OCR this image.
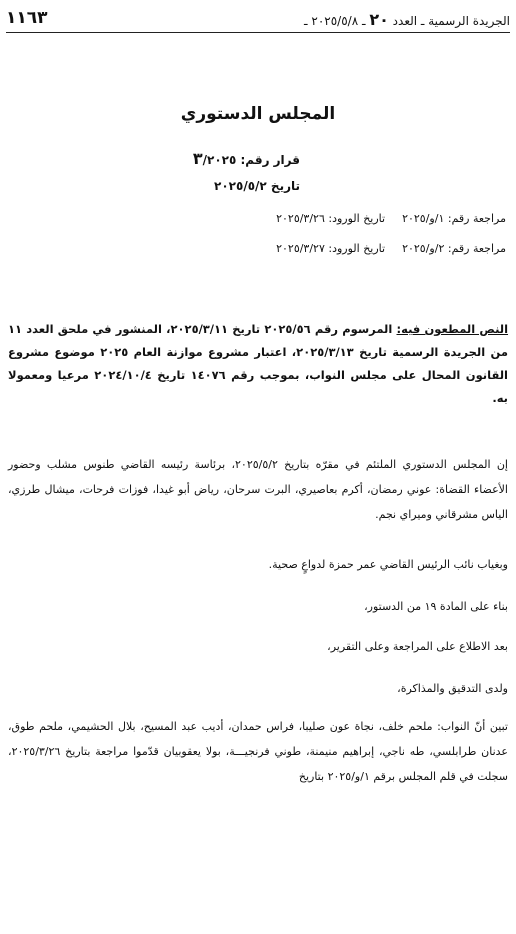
١١٦٣	الجريدة الرسمية ـ العدد ٢٠ ـ ٢٠٢٥/٥/٨ ـ
المجلس الدستوري
قرار رقم: ٣/٢٠٢٥
تاريخ ٢٠٢٥/٥/٢
مراجعة رقم: ١/و/٢٠٢٥  تاريخ الورود: ٢٠٢٥/٣/٢٦
مراجعة رقم: ٢/و/٢٠٢٥  تاريخ الورود: ٢٠٢٥/٣/٢٧
النص المطعون فيه: المرسوم رقم ٢٠٢٥/٥٦ تاريخ ٢٠٢٥/٣/١١، المنشور في ملحق العدد ١١ من الجريدة الرسمية تاريخ ٢٠٢٥/٣/١٣، اعتبار مشروع موازنة العام ٢٠٢٥ موضوع مشروع القانون المحال على مجلس النواب، بموجب رقم ١٤٠٧٦ تاريخ ٢٠٢٤/١٠/٤ مرعيا ومعمولا به.
إن المجلس الدستوري الملتئم في مقرّه بتاريخ ٢٠٢٥/٥/٢، برئاسة رئيسه القاضي طنوس مشلب وحضور الأعضاء القضاة: عوني رمضان، أكرم بعاصيري، البرت سرحان، رياض أبو غيدا، فوزات فرحات، ميشال طرزي، الياس مشرقاني وميراي نجم.
وبغياب نائب الرئيس القاضي عمر حمزة لدواعٍ صحية.
بناء على المادة ١٩ من الدستور،
بعد الاطلاع على المراجعة وعلى التقرير،
ولدى التدقيق والمذاكرة،
تبين أنّ النواب: ملحم خلف، نجاة عون صليبا، فراس حمدان، أديب عبد المسيح، بلال الحشيمي، ملحم طوق، عدنان طرابلسي، طه ناجي، إبراهيم منيمنة، طوني فرنجيـــة، بولا يعقوبيان قدّموا مراجعة بتاريخ ٢٠٢٥/٣/٢٦، سجلت في قلم المجلس برقم ١/و/٢٠٢٥ بتاريخ
